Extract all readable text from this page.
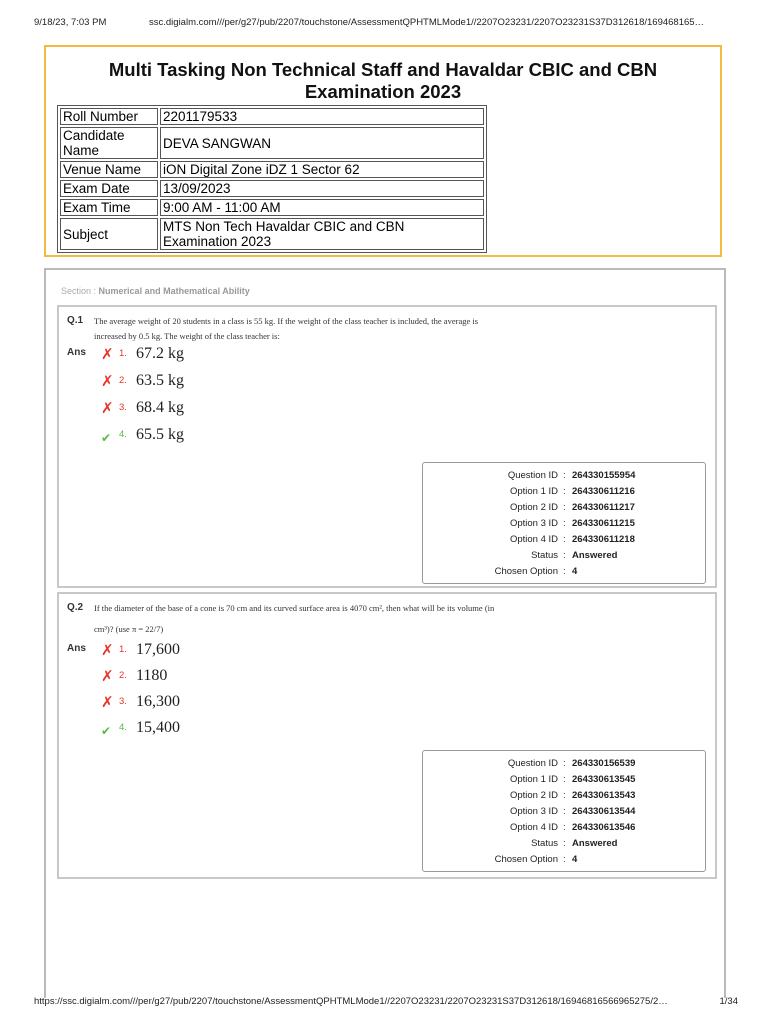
9/18/23, 7:03 PM	ssc.digialm.com///per/g27/pub/2207/touchstone/AssessmentQPHTMLMode1//2207O23231/2207O23231S37D312618/169468165…
Multi Tasking Non Technical Staff and Havaldar CBIC and CBN
Examination 2023
Roll Number	2201179533
Candidate Name	DEVA SANGWAN
Venue Name	iON Digital Zone iDZ 1 Sector 62
Exam Date	13/09/2023
Exam Time	9:00 AM - 11:00 AM
Subject	MTS Non Tech Havaldar CBIC and CBN Examination 2023
Section : Numerical and Mathematical Ability
Q.1 The average weight of 20 students in a class is 55 kg. If the weight of the class teacher is included, the average is
increased by 0.5 kg. The weight of the class teacher is:
Ans ✗ 1. 67.2 kg
✗ 2. 63.5 kg
✗ 3. 68.4 kg
✔ 4. 65.5 kg
Question ID : 264330155954
Option 1 ID : 264330611216
Option 2 ID : 264330611217
Option 3 ID : 264330611215
Option 4 ID : 264330611218
Status : Answered
Chosen Option : 4
Q.2 If the diameter of the base of a cone is 70 cm and its curved surface area is 4070 cm², then what will be its volume (in
cm³)? (use π = 22/7)
Ans ✗ 1. 17,600
✗ 2. 1180
✗ 3. 16,300
✔ 4. 15,400
Question ID : 264330156539
Option 1 ID : 264330613545
Option 2 ID : 264330613543
Option 3 ID : 264330613544
Option 4 ID : 264330613546
Status : Answered
Chosen Option : 4
https://ssc.digialm.com///per/g27/pub/2207/touchstone/AssessmentQPHTMLMode1//2207O23231/2207O23231S37D312618/16946816566965275/2…	1/34
